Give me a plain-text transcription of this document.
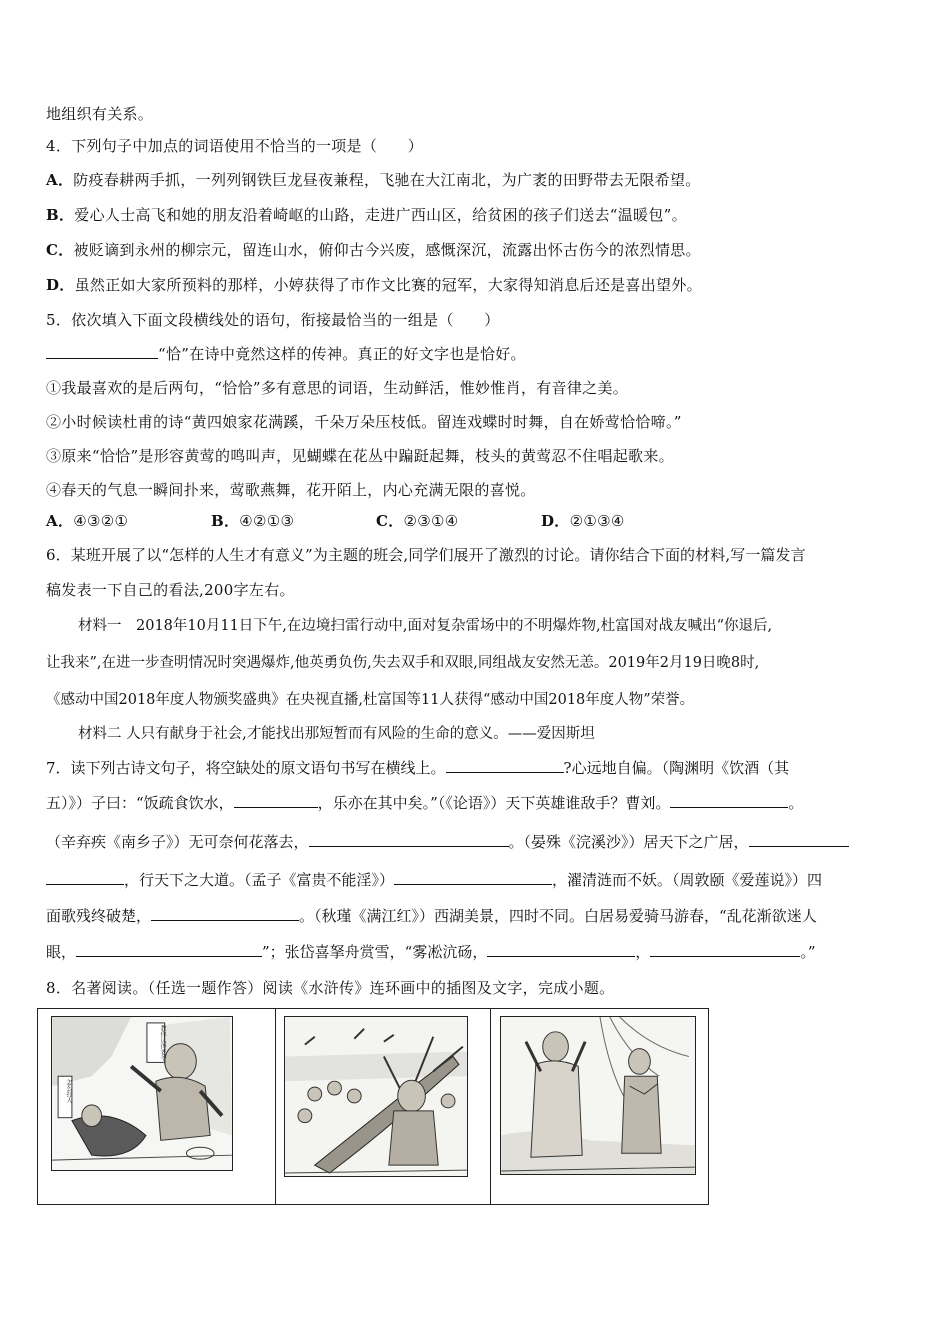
地组织有关系。
4．下列句子中加点的词语使用不恰当的一项是（　　）
A．防疫春耕两手抓，一列列钢铁巨龙昼夜兼程，飞驰在大江南北，为广袤的田野带去无限希望。
B．爱心人士高飞和她的朋友沿着崎岖的山路，走进广西山区，给贫困的孩子们送去“温暖包”。
C．被贬谪到永州的柳宗元，留连山水，俯仰古今兴废，感慨深沉，流露出怀古伤今的浓烈情思。
D．虽然正如大家所预料的那样，小婷获得了市作文比赛的冠军，大家得知消息后还是喜出望外。
5．依次填入下面文段横线处的语句，衔接最恰当的一组是（　　）
“恰”在诗中竟然这样的传神。真正的好文字也是恰好。
①我最喜欢的是后两句，“恰恰”多有意思的词语，生动鲜活，惟妙惟肖，有音律之美。
②小时候读杜甫的诗“黄四娘家花满蹊，千朵万朵压枝低。留连戏蝶时时舞，自在娇莺恰恰啼。”
③原来“恰恰”是形容黄莺的鸣叫声，见蝴蝶在花丛中蹁跹起舞，枝头的黄莺忍不住唱起歌来。
④春天的气息一瞬间扑来，莺歌燕舞，花开陌上，内心充满无限的喜悦。
A．④③②①	B．④②①③	C．②③①④	D．②①③④
6．某班开展了以“怎样的人生才有意义”为主题的班会,同学们展开了激烈的讨论。请你结合下面的材料,写一篇发言
稿发表一下自己的看法,200字左右。
材料一　2018年10月11日下午,在边境扫雷行动中,面对复杂雷场中的不明爆炸物,杜富国对战友喊出“你退后,
让我来”,在进一步查明情况时突遇爆炸,他英勇负伤,失去双手和双眼,同组战友安然无恙。2019年2月19日晚8时,
《感动中国2018年度人物颁奖盛典》在央视直播,杜富国等11人获得“感动中国2018年度人物”荣誉。
材料二 人只有献身于社会,才能找出那短暂而有风险的生命的意义。——爱因斯坦
7．读下列古诗文句子，将空缺处的原文语句书写在横线上。	?心远地自偏。（陶渊明《饮酒（其
五）》）子曰：“饭疏食饮水，	，乐亦在其中矣。”（《论语》）天下英雄谁敌手？曹刘。	。
（辛弃疾《南乡子》）无可奈何花落去，	。（晏殊《浣溪沙》）居天下之广居，
，行天下之大道。（孟子《富贵不能淫》）	，濯清涟而不妖。（周敦颐《爱莲说》）四
面歌残终破楚，	。（秋瑾《满江红》）西湖美景，四时不同。白居易爱骑马游春，“乱花渐欲迷人
眼，	”；张岱喜拏舟赏雪，“雾凇沆砀，	，	。”
8．名著阅读。（任选一题作答）阅读《水浒传》连环画中的插图及文字，完成小题。
教你认得老爷！
怎么打人
